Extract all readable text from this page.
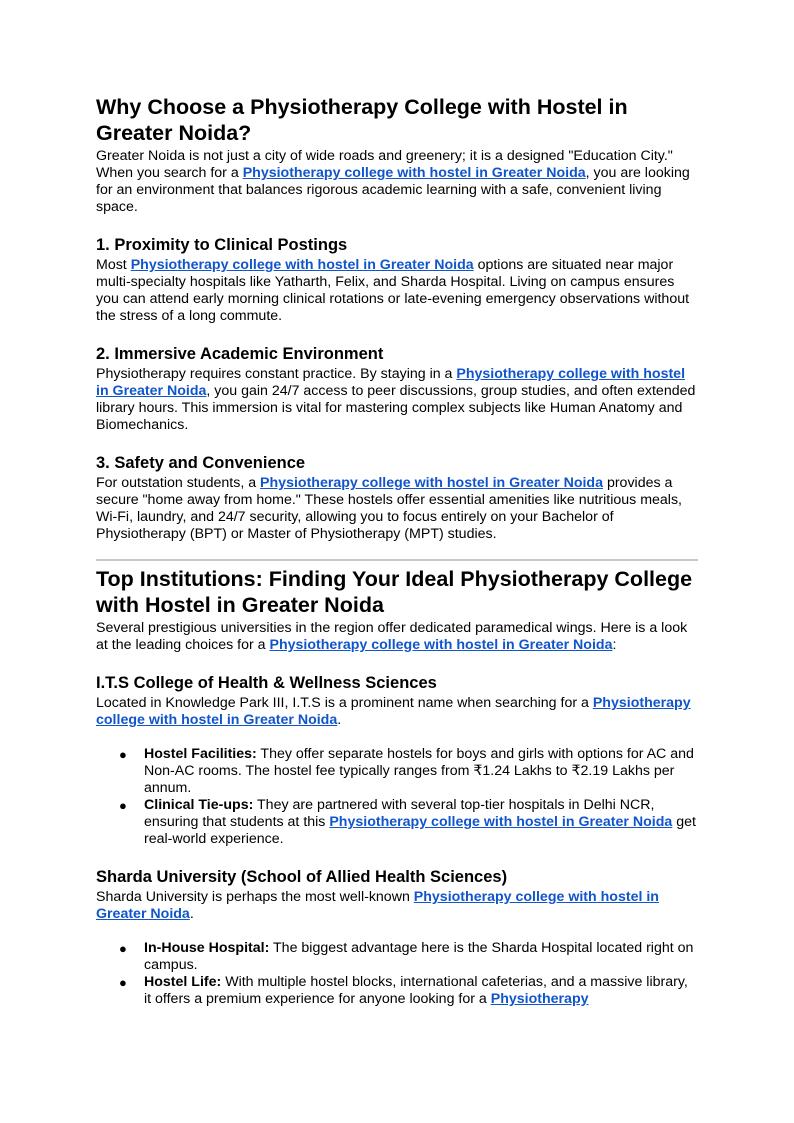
Why Choose a Physiotherapy College with Hostel in Greater Noida?

Greater Noida is not just a city of wide roads and greenery; it is a designed "Education City." When you search for a Physiotherapy college with hostel in Greater Noida, you are looking for an environment that balances rigorous academic learning with a safe, convenient living space.

1. Proximity to Clinical Postings

Most Physiotherapy college with hostel in Greater Noida options are situated near major multi-specialty hospitals like Yatharth, Felix, and Sharda Hospital. Living on campus ensures you can attend early morning clinical rotations or late-evening emergency observations without the stress of a long commute.

2. Immersive Academic Environment

Physiotherapy requires constant practice. By staying in a Physiotherapy college with hostel in Greater Noida, you gain 24/7 access to peer discussions, group studies, and often extended library hours. This immersion is vital for mastering complex subjects like Human Anatomy and Biomechanics.

3. Safety and Convenience

For outstation students, a Physiotherapy college with hostel in Greater Noida provides a secure "home away from home." These hostels offer essential amenities like nutritious meals, Wi-Fi, laundry, and 24/7 security, allowing you to focus entirely on your Bachelor of Physiotherapy (BPT) or Master of Physiotherapy (MPT) studies.

Top Institutions: Finding Your Ideal Physiotherapy College with Hostel in Greater Noida

Several prestigious universities in the region offer dedicated paramedical wings. Here is a look at the leading choices for a Physiotherapy college with hostel in Greater Noida:

I.T.S College of Health & Wellness Sciences

Located in Knowledge Park III, I.T.S is a prominent name when searching for a Physiotherapy college with hostel in Greater Noida.

● Hostel Facilities: They offer separate hostels for boys and girls with options for AC and Non-AC rooms. The hostel fee typically ranges from ₹1.24 Lakhs to ₹2.19 Lakhs per annum.
● Clinical Tie-ups: They are partnered with several top-tier hospitals in Delhi NCR, ensuring that students at this Physiotherapy college with hostel in Greater Noida get real-world experience.
Sharda University (School of Allied Health Sciences)

Sharda University is perhaps the most well-known Physiotherapy college with hostel in Greater Noida.

● In-House Hospital: The biggest advantage here is the Sharda Hospital located right on campus.
● Hostel Life: With multiple hostel blocks, international cafeterias, and a massive library, it offers a premium experience for anyone looking for a Physiotherapy
